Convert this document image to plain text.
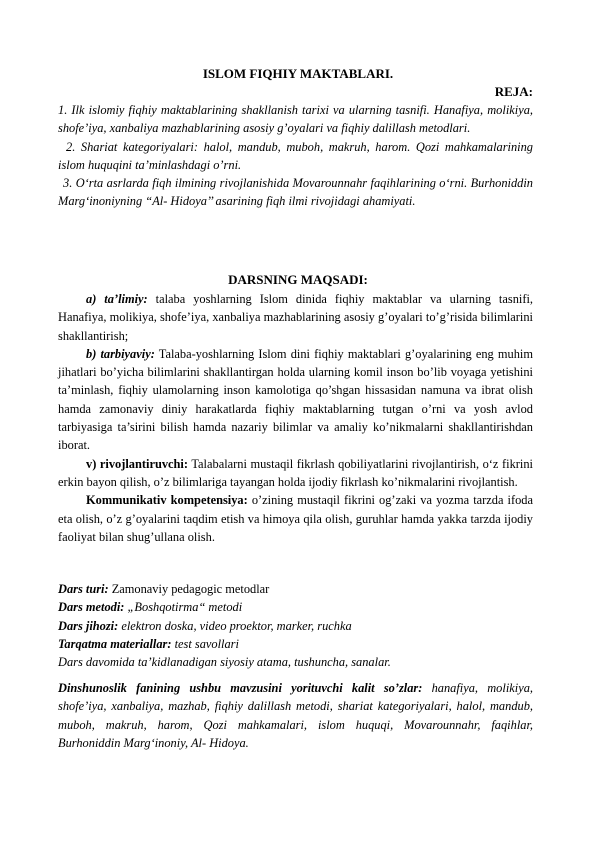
ISLOM FIQHIY MAKTABLARI.
REJA:

1. Ilk islomiy fiqhiy maktablarining shakllanish tarixi va ularning tasnifi. Hanafiya, molikiya, shofe’iya, xanbaliya mazhablarining asosiy g’oyalari va fiqhiy dalillash metodlari.

2. Shariat kategoriyalari: halol, mandub, muboh, makruh, harom. Qozi mahkamalarining islom huquqini ta’minlashdagi o’rni.

3. O‘rta asrlarda fiqh ilmining rivojlanishida Movarounnahr faqihlarining o‘rni. Burhoniddin Marg‘inoniyning “Al- Hidoya’’ asarining fiqh ilmi rivojidagi ahamiyati.

DARSNING MAQSADI:

a) ta’limiy: talaba yoshlarning Islom dinida fiqhiy maktablar va ularning tasnifi, Hanafiya, molikiya, shofe’iya, xanbaliya mazhablarining asosiy g’oyalari to’g’risida bilimlarini shakllantirish;

b) tarbiyaviy: Talaba-yoshlarning Islom dini fiqhiy maktablari g’oyalarining eng muhim jihatlari bo’yicha bilimlarini shakllantirgan holda ularning komil inson bo’lib voyaga yetishini ta’minlash, fiqhiy ulamolarning inson kamolotiga qo’shgan hissasidan namuna va ibrat olish hamda zamonaviy diniy harakatlarda fiqhiy maktablarning tutgan o’rni va yosh avlod tarbiyasiga ta’sirini bilish hamda nazariy bilimlar va amaliy ko’nikmalarni shakllantirishdan iborat.

v) rivojlantiruvchi: Talabalarni mustaqil fikrlash qobiliyatlarini rivojlantirish, o‘z fikrini erkin bayon qilish, o’z bilimlariga tayangan holda ijodiy fikrlash ko’nikmalarini rivojlantish.

Kommunikativ kompetensiya: o’zining mustaqil fikrini og’zaki va yozma tarzda ifoda eta olish, o’z g’oyalarini taqdim etish va himoya qila olish, guruhlar hamda yakka tarzda ijodiy faoliyat bilan shug’ullana olish.

Dars turi: Zamonaviy pedagogic metodlar

Dars metodi: „Boshqotirma“ metodi

Dars jihozi: elektron doska, video proektor, marker, ruchka

Tarqatma materiallar: test savollari

Dars davomida ta’kidlanadigan siyosiy atama, tushuncha, sanalar.

Dinshunoslik fanining ushbu mavzusini yorituvchi kalit so’zlar: hanafiya, molikiya, shofe’iya, xanbaliya, mazhab, fiqhiy dalillash metodi, shariat kategoriyalari, halol, mandub, muboh, makruh, harom, Qozi mahkamalari, islom huquqi, Movarounnahr, faqihlar, Burhoniddin Marg‘inoniy, Al- Hidoya.
